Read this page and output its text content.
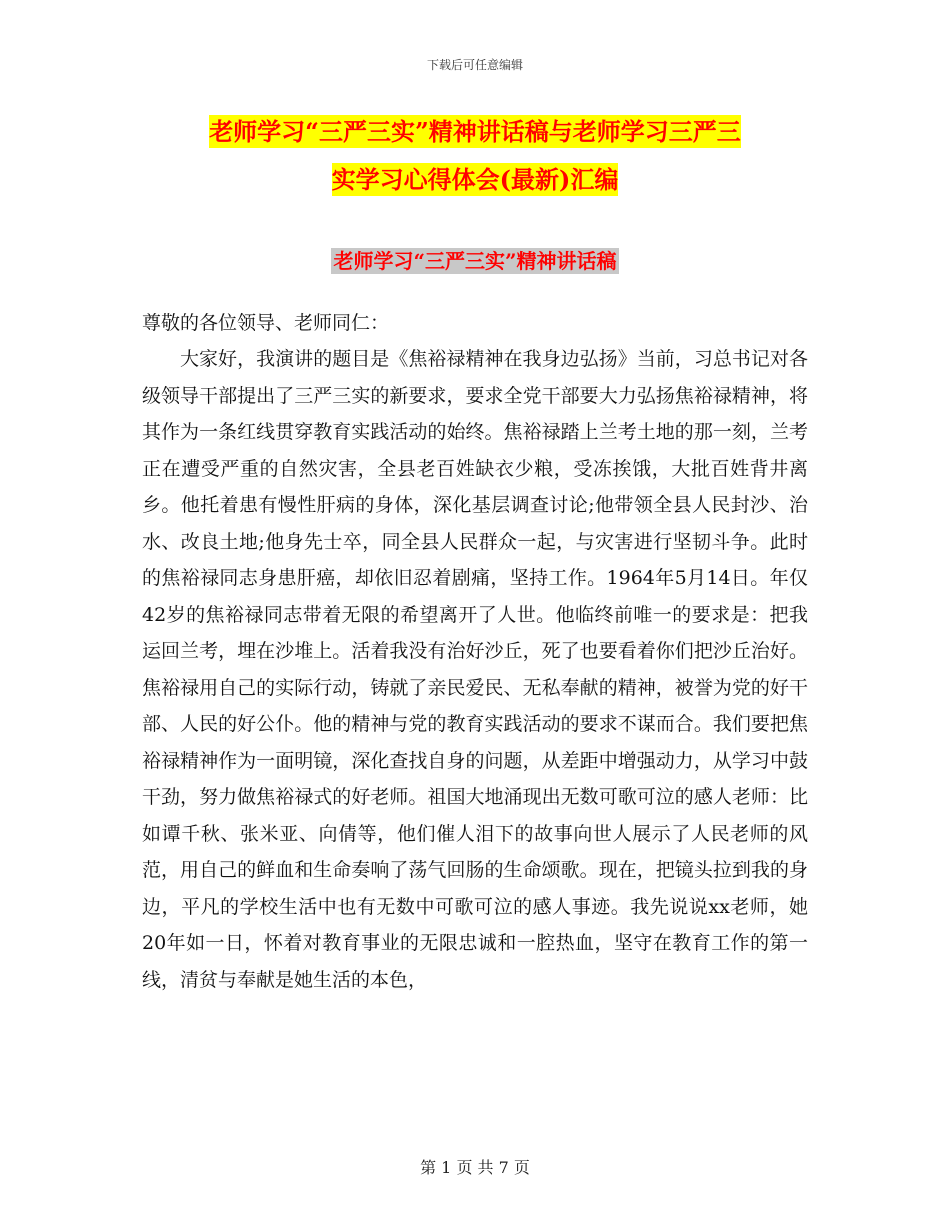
下载后可任意编辑
老师学习“三严三实”精神讲话稿与老师学习三严三
实学习心得体会(最新)汇编
老师学习“三严三实”精神讲话稿
尊敬的各位领导、老师同仁：

大家好，我演讲的题目是《焦裕禄精神在我身边弘扬》当前，习总书记对各级领导干部提出了三严三实的新要求，要求全党干部要大力弘扬焦裕禄精神，将其作为一条红线贯穿教育实践活动的始终。焦裕禄踏上兰考土地的那一刻，兰考正在遭受严重的自然灾害，全县老百姓缺衣少粮，受冻挨饿，大批百姓背井离乡。他托着患有慢性肝病的身体，深化基层调查讨论;他带领全县人民封沙、治水、改良土地;他身先士卒，同全县人民群众一起，与灾害进行坚韧斗争。此时的焦裕禄同志身患肝癌，却依旧忍着剧痛，坚持工作。1964年5月14日。年仅42岁的焦裕禄同志带着无限的希望离开了人世。他临终前唯一的要求是：把我运回兰考，埋在沙堆上。活着我没有治好沙丘，死了也要看着你们把沙丘治好。焦裕禄用自己的实际行动，铸就了亲民爱民、无私奉献的精神，被誉为党的好干部、人民的好公仆。他的精神与党的教育实践活动的要求不谋而合。我们要把焦裕禄精神作为一面明镜，深化查找自身的问题，从差距中增强动力，从学习中鼓干劲，努力做焦裕禄式的好老师。祖国大地涌现出无数可歌可泣的感人老师：比如谭千秋、张米亚、向倩等，他们催人泪下的故事向世人展示了人民老师的风范，用自己的鲜血和生命奏响了荡气回肠的生命颂歌。现在，把镜头拉到我的身边，平凡的学校生活中也有无数中可歌可泣的感人事迹。我先说说xx老师，她20年如一日，怀着对教育事业的无限忠诚和一腔热血，坚守在教育工作的第一线，清贫与奉献是她生活的本色，

第 1 页 共 7 页
